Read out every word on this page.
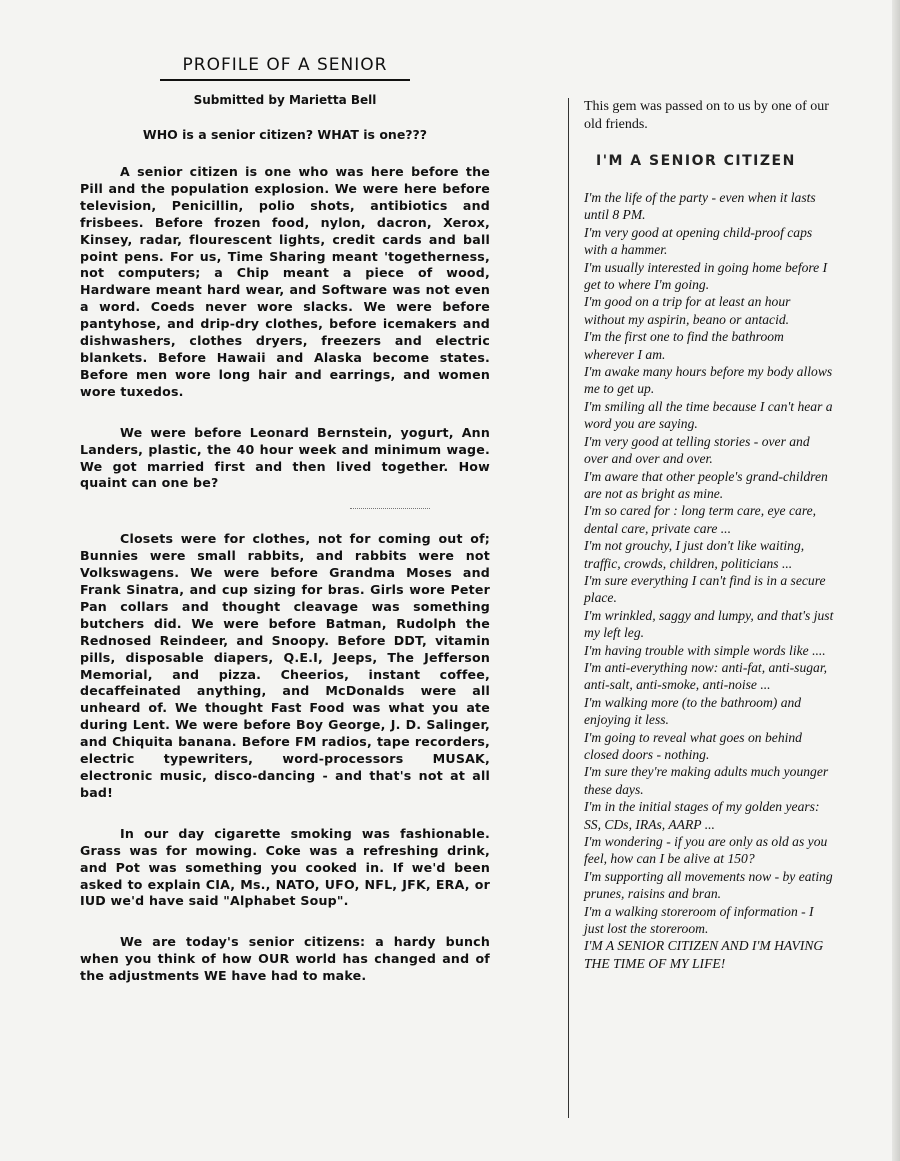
PROFILE OF A SENIOR
Submitted by Marietta Bell
WHO is a senior citizen? WHAT is one???

A senior citizen is one who was here before the Pill and the population explosion. We were here before television, Penicillin, polio shots, antibiotics and frisbees. Before frozen food, nylon, dacron, Xerox, Kinsey, radar, flourescent lights, credit cards and ball point pens. For us, Time Sharing meant 'togetherness, not computers; a Chip meant a piece of wood, Hardware meant hard wear, and Software was not even a word. Coeds never wore slacks. We were before pantyhose, and drip-dry clothes, before icemakers and dishwashers, clothes dryers, freezers and electric blankets. Before Hawaii and Alaska become states. Before men wore long hair and earrings, and women wore tuxedos.

We were before Leonard Bernstein, yogurt, Ann Landers, plastic, the 40 hour week and minimum wage. We got married first and then lived together. How quaint can one be?

Closets were for clothes, not for coming out of; Bunnies were small rabbits, and rabbits were not Volkswagens. We were before Grandma Moses and Frank Sinatra, and cup sizing for bras. Girls wore Peter Pan collars and thought cleavage was something butchers did. We were before Batman, Rudolph the Rednosed Reindeer, and Snoopy. Before DDT, vitamin pills, disposable diapers, Q.E.I, Jeeps, The Jefferson Memorial, and pizza. Cheerios, instant coffee, decaffeinated anything, and McDonalds were all unheard of. We thought Fast Food was what you ate during Lent. We were before Boy George, J. D. Salinger, and Chiquita banana. Before FM radios, tape recorders, electric typewriters, word-processors MUSAK, electronic music, disco-dancing - and that's not at all bad!

In our day cigarette smoking was fashionable. Grass was for mowing. Coke was a refreshing drink, and Pot was something you cooked in. If we'd been asked to explain CIA, Ms., NATO, UFO, NFL, JFK, ERA, or IUD we'd have said "Alphabet Soup".

We are today's senior citizens: a hardy bunch when you think of how OUR world has changed and of the adjustments WE have had to make.

This gem was passed on to us by one of our old friends.

I'M A SENIOR CITIZEN
I'm the life of the party - even when it lasts until 8 PM.
I'm very good at opening child-proof caps with a hammer.
I'm usually interested in going home before I get to where I'm going.
I'm good on a trip for at least an hour without my aspirin, beano or antacid.
I'm the first one to find the bathroom wherever I am.
I'm awake many hours before my body allows me to get up.
I'm smiling all the time because I can't hear a word you are saying.
I'm very good at telling stories - over and over and over and over.
I'm aware that other people's grand-children are not as bright as mine.
I'm so cared for : long term care, eye care, dental care, private care ...
I'm not grouchy, I just don't like waiting, traffic, crowds, children, politicians ...
I'm sure everything I can't find is in a secure place.
I'm wrinkled, saggy and lumpy, and that's just my left leg.
I'm having trouble with simple words like ....
I'm anti-everything now: anti-fat, anti-sugar, anti-salt, anti-smoke, anti-noise ...
I'm walking more (to the bathroom) and enjoying it less.
I'm going to reveal what goes on behind closed doors - nothing.
I'm sure they're making adults much younger these days.
I'm in the initial stages of my golden years: SS, CDs, IRAs, AARP ...
I'm wondering - if you are only as old as you feel, how can I be alive at 150?
I'm supporting all movements now - by eating prunes, raisins and bran.
I'm a walking storeroom of information - I just lost the storeroom.

I'M A SENIOR CITIZEN AND I'M HAVING THE TIME OF MY LIFE!
